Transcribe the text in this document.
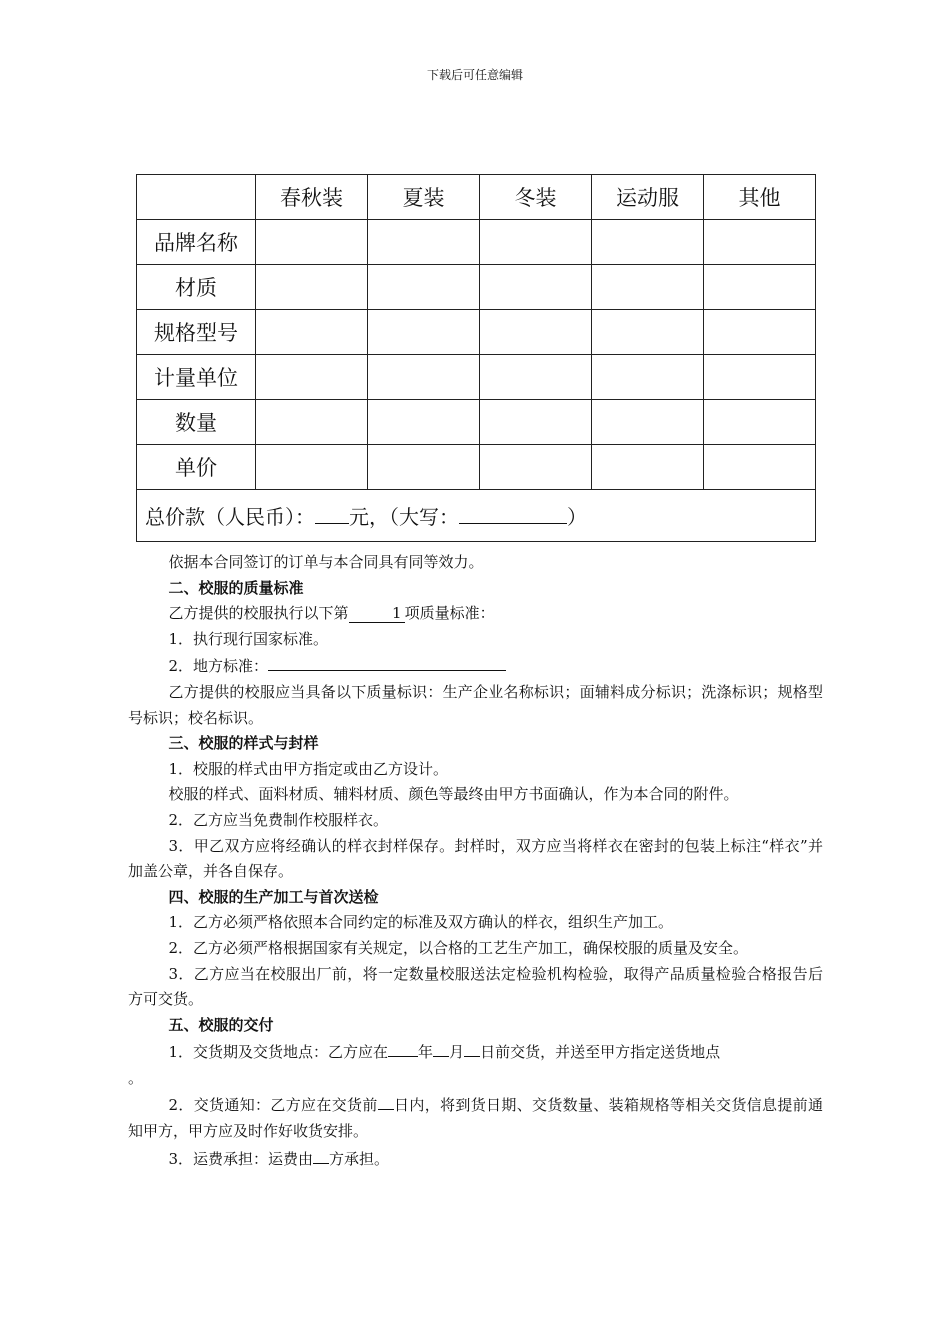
下载后可任意编辑
	春秋装	夏装	冬装	运动服	其他
品牌名称					
材质					
规格型号					
计量单位					
数量					
单价					
总价款（人民币）： 元，（大写： ）					

依据本合同签订的订单与本合同具有同等效力。

二、校服的质量标准

乙方提供的校服执行以下第	1 项质量标准：

1．执行现行国家标准。

2．地方标准：

乙方提供的校服应当具备以下质量标识：生产企业名称标识；面辅料成分标识；洗涤标识；规格型号标识；校名标识。

三、校服的样式与封样

1．校服的样式由甲方指定或由乙方设计。

校服的样式、面料材质、辅料材质、颜色等最终由甲方书面确认，作为本合同的附件。

2．乙方应当免费制作校服样衣。

3．甲乙双方应将经确认的样衣封样保存。封样时，双方应当将样衣在密封的包装上标注“样衣”并加盖公章，并各自保存。

四、校服的生产加工与首次送检

1．乙方必须严格依照本合同约定的标准及双方确认的样衣，组织生产加工。

2．乙方必须严格根据国家有关规定，以合格的工艺生产加工，确保校服的质量及安全。

3．乙方应当在校服出厂前，将一定数量校服送法定检验机构检验，取得产品质量检验合格报告后方可交货。

五、校服的交付

1．交货期及交货地点：乙方应在 年 月 日前交货，并送至甲方指定送货地点

。

2．交货通知：乙方应在交货前 日内，将到货日期、交货数量、装箱规格等相关交货信息提前通知甲方，甲方应及时作好收货安排。

3．运费承担：运费由 方承担。
